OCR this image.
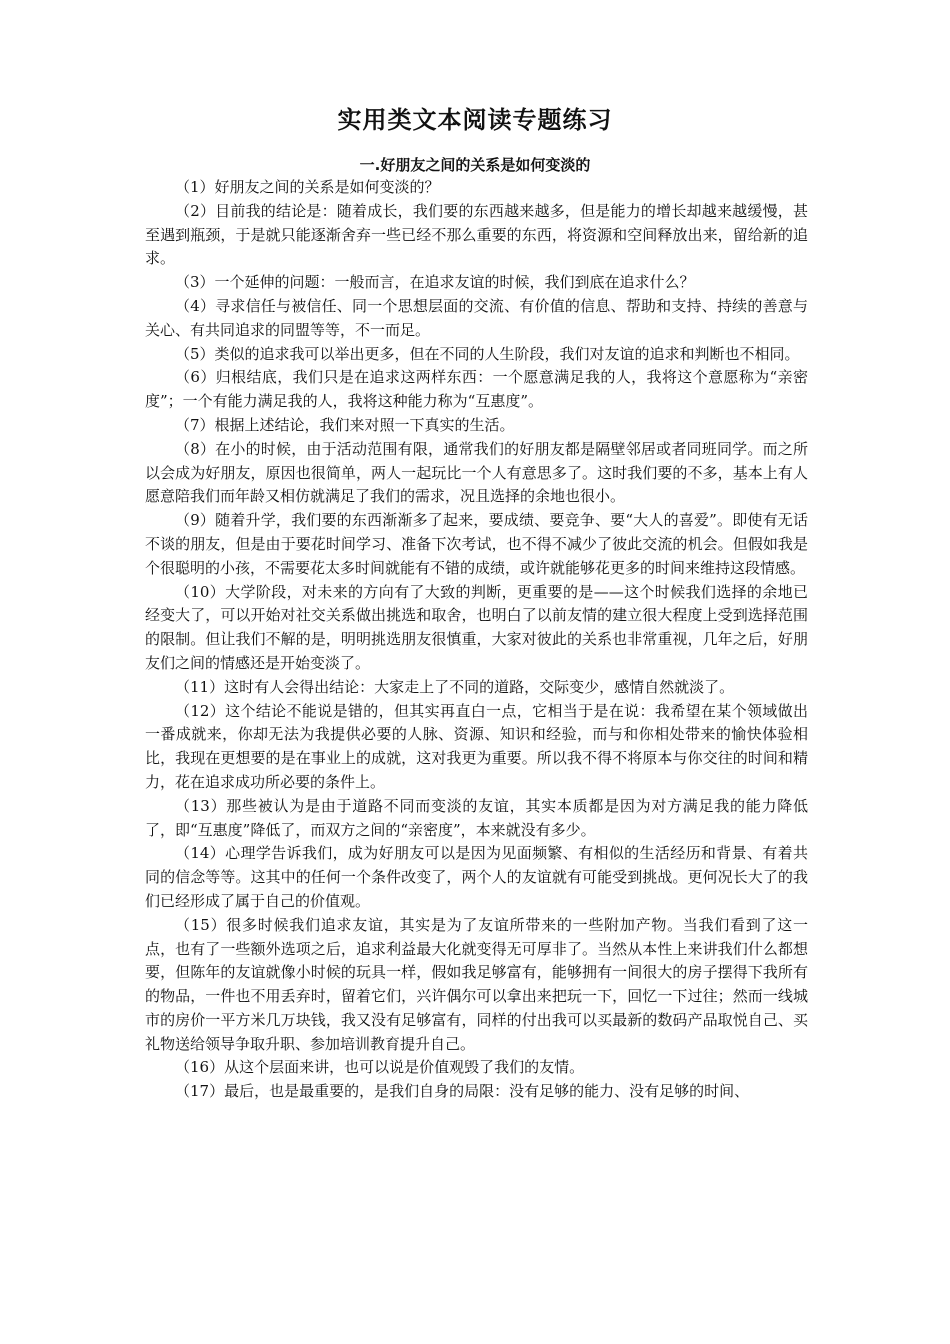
实用类文本阅读专题练习
一.好朋友之间的关系是如何变淡的

（1）好朋友之间的关系是如何变淡的？

（2）目前我的结论是：随着成长，我们要的东西越来越多，但是能力的增长却越来越缓慢，甚至遇到瓶颈，于是就只能逐渐舍弃一些已经不那么重要的东西，将资源和空间释放出来，留给新的追求。

（3）一个延伸的问题：一般而言，在追求友谊的时候，我们到底在追求什么？

（4）寻求信任与被信任、同一个思想层面的交流、有价值的信息、帮助和支持、持续的善意与关心、有共同追求的同盟等等，不一而足。

（5）类似的追求我可以举出更多，但在不同的人生阶段，我们对友谊的追求和判断也不相同。

（6）归根结底，我们只是在追求这两样东西：一个愿意满足我的人，我将这个意愿称为“亲密度”；一个有能力满足我的人，我将这种能力称为“互惠度”。

（7）根据上述结论，我们来对照一下真实的生活。

（8）在小的时候，由于活动范围有限，通常我们的好朋友都是隔壁邻居或者同班同学。而之所以会成为好朋友，原因也很简单，两人一起玩比一个人有意思多了。这时我们要的不多，基本上有人愿意陪我们而年龄又相仿就满足了我们的需求，况且选择的余地也很小。

（9）随着升学，我们要的东西渐渐多了起来，要成绩、要竞争、要“大人的喜爱”。即使有无话不谈的朋友，但是由于要花时间学习、准备下次考试，也不得不减少了彼此交流的机会。但假如我是个很聪明的小孩，不需要花太多时间就能有不错的成绩，或许就能够花更多的时间来维持这段情感。

（10）大学阶段，对未来的方向有了大致的判断，更重要的是——这个时候我们选择的余地已经变大了，可以开始对社交关系做出挑选和取舍，也明白了以前友情的建立很大程度上受到选择范围的限制。但让我们不解的是，明明挑选朋友很慎重，大家对彼此的关系也非常重视，几年之后，好朋友们之间的情感还是开始变淡了。

（11）这时有人会得出结论：大家走上了不同的道路，交际变少，感情自然就淡了。

（12）这个结论不能说是错的，但其实再直白一点，它相当于是在说：我希望在某个领域做出一番成就来，你却无法为我提供必要的人脉、资源、知识和经验，而与和你相处带来的愉快体验相比，我现在更想要的是在事业上的成就，这对我更为重要。所以我不得不将原本与你交往的时间和精力，花在追求成功所必要的条件上。

（13）那些被认为是由于道路不同而变淡的友谊，其实本质都是因为对方满足我的能力降低了，即“互惠度”降低了，而双方之间的“亲密度”，本来就没有多少。

（14）心理学告诉我们，成为好朋友可以是因为见面频繁、有相似的生活经历和背景、有着共同的信念等等。这其中的任何一个条件改变了，两个人的友谊就有可能受到挑战。更何况长大了的我们已经形成了属于自己的价值观。

（15）很多时候我们追求友谊，其实是为了友谊所带来的一些附加产物。当我们看到了这一点，也有了一些额外选项之后，追求利益最大化就变得无可厚非了。当然从本性上来讲我们什么都想要，但陈年的友谊就像小时候的玩具一样，假如我足够富有，能够拥有一间很大的房子摆得下我所有的物品，一件也不用丢弃时，留着它们，兴许偶尔可以拿出来把玩一下，回忆一下过往；然而一线城市的房价一平方米几万块钱，我又没有足够富有，同样的付出我可以买最新的数码产品取悦自己、买礼物送给领导争取升职、参加培训教育提升自己。

（16）从这个层面来讲，也可以说是价值观毁了我们的友情。

（17）最后，也是最重要的，是我们自身的局限：没有足够的能力、没有足够的时间、
